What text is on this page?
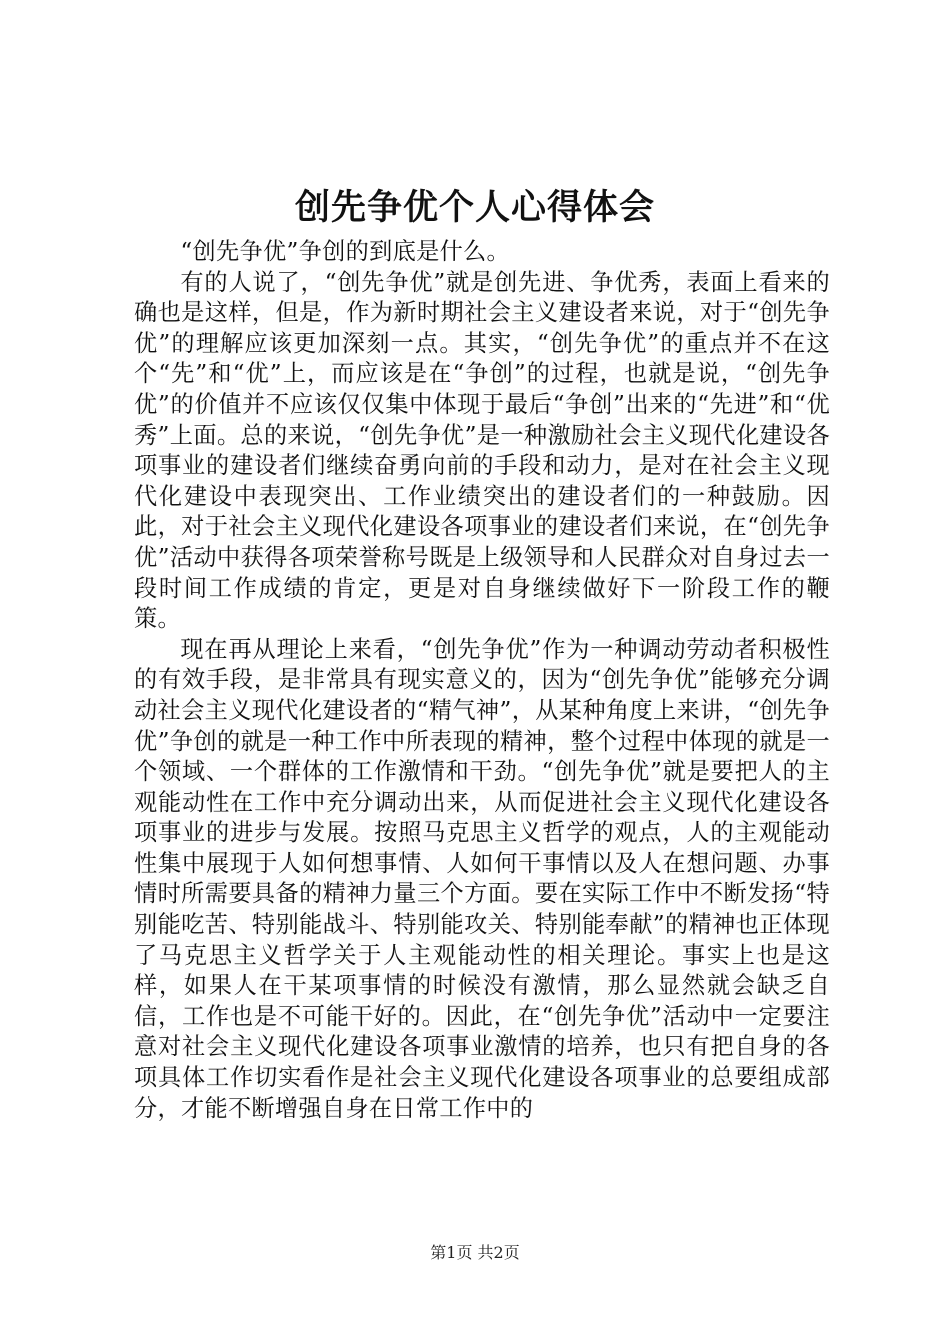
创先争优个人心得体会

“创先争优”争创的到底是什么。

有的人说了，“创先争优”就是创先进、争优秀，表面上看来的确也是这样，但是，作为新时期社会主义建设者来说，对于“创先争优”的理解应该更加深刻一点。其实，“创先争优”的重点并不在这个“先”和“优”上，而应该是在“争创”的过程，也就是说，“创先争优”的价值并不应该仅仅集中体现于最后“争创”出来的“先进”和“优秀”上面。总的来说，“创先争优”是一种激励社会主义现代化建设各项事业的建设者们继续奋勇向前的手段和动力，是对在社会主义现代化建设中表现突出、工作业绩突出的建设者们的一种鼓励。因此，对于社会主义现代化建设各项事业的建设者们来说，在“创先争优”活动中获得各项荣誉称号既是上级领导和人民群众对自身过去一段时间工作成绩的肯定，更是对自身继续做好下一阶段工作的鞭策。

现在再从理论上来看，“创先争优”作为一种调动劳动者积极性的有效手段，是非常具有现实意义的，因为“创先争优”能够充分调动社会主义现代化建设者的“精气神”，从某种角度上来讲，“创先争优”争创的就是一种工作中所表现的精神，整个过程中体现的就是一个领域、一个群体的工作激情和干劲。“创先争优”就是要把人的主观能动性在工作中充分调动出来，从而促进社会主义现代化建设各项事业的进步与发展。按照马克思主义哲学的观点，人的主观能动性集中展现于人如何想事情、人如何干事情以及人在想问题、办事情时所需要具备的精神力量三个方面。要在实际工作中不断发扬“特别能吃苦、特别能战斗、特别能攻关、特别能奉献”的精神也正体现了马克思主义哲学关于人主观能动性的相关理论。事实上也是这样，如果人在干某项事情的时候没有激情，那么显然就会缺乏自信，工作也是不可能干好的。因此，在“创先争优”活动中一定要注意对社会主义现代化建设各项事业激情的培养，也只有把自身的各项具体工作切实看作是社会主义现代化建设各项事业的总要组成部分，才能不断增强自身在日常工作中的

第1页 共2页
